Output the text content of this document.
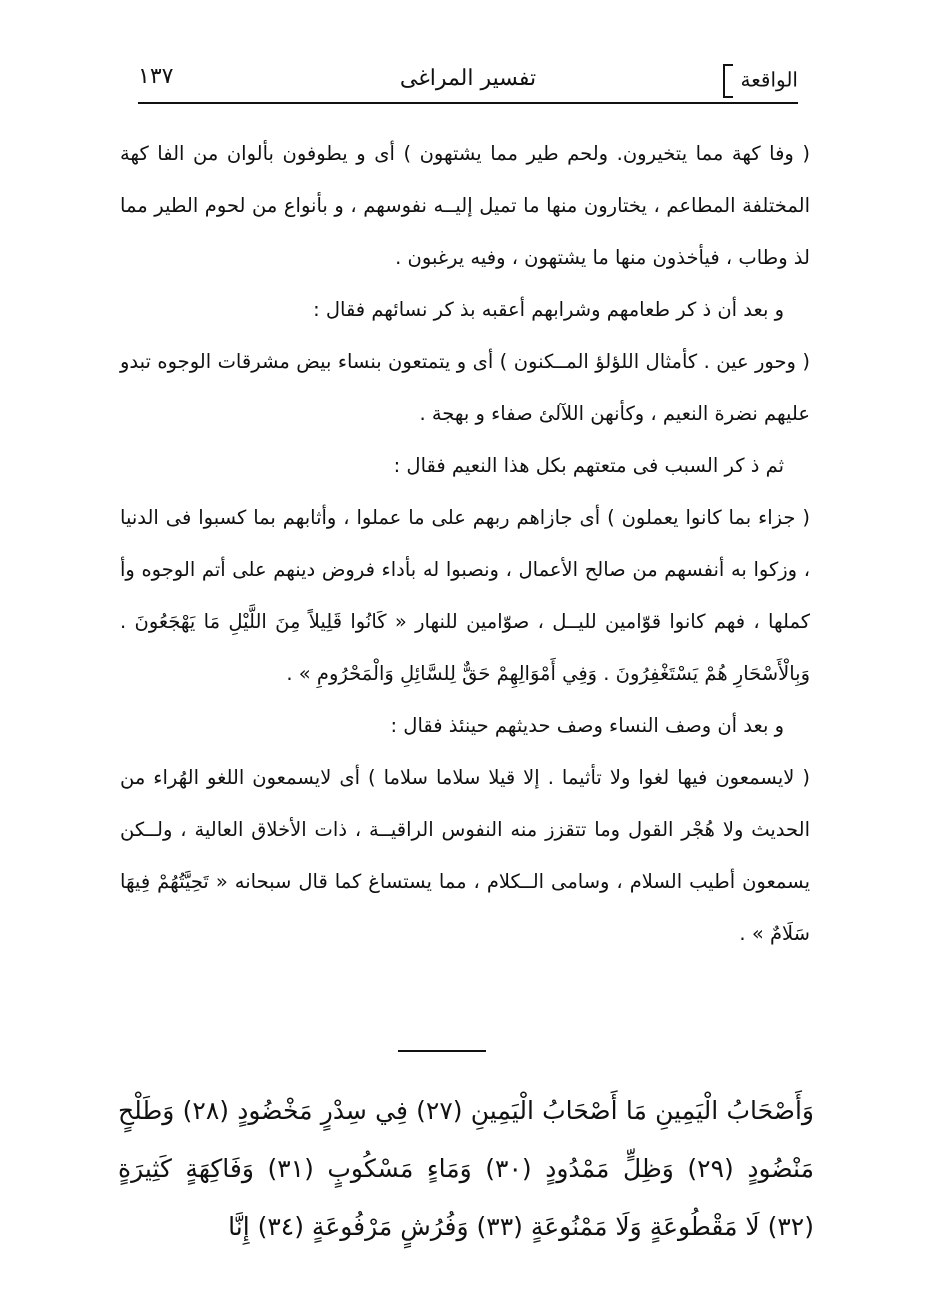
الواقعة
تفسير المراغى
١٣٧

( وفا كهة مما يتخيرون. ولحم طير مما يشتهون ) أى و يطوفون بألوان من الفا كهة المختلفة المطاعم ، يختارون منها ما تميل إليــه نفوسهم ، و بأنواع من لحوم الطير مما لذ وطاب ، فيأخذون منها ما يشتهون ، وفيه يرغبون .

و بعد أن ذ كر طعامهم وشرابهم أعقبه بذ كر نسائهم فقال :

( وحور عين . كأمثال اللؤلؤ المــكنون ) أى و يتمتعون بنساء بيض مشرقات الوجوه تبدو عليهم نضرة النعيم ، وكأنهن اللآلئ صفاء و بهجة .

ثم ذ كر السبب فى متعتهم بكل هذا النعيم فقال :

( جزاء بما كانوا يعملون ) أى جازاهم ربهم على ما عملوا ، وأثابهم بما كسبوا فى الدنيا ، وزكوا به أنفسهم من صالح الأعمال ، ونصبوا له بأداء فروض دينهم على أتم الوجوه وأ كملها ، فهم كانوا قوّامين لليــل ، صوّامين للنهار « كَانُوا قَلِيلاً مِنَ اللَّيْلِ مَا يَهْجَعُونَ . وَبِالْأَسْحَارِ هُمْ يَسْتَغْفِرُونَ . وَفِي أَمْوَالِهِمْ حَقٌّ لِلسَّائِلِ وَالْمَحْرُومِ » .

و بعد أن وصف النساء وصف حديثهم حينئذ فقال :

( لايسمعون فيها لغوا ولا تأثيما . إلا قيلا سلاما سلاما ) أى لايسمعون اللغو الهُراء من الحديث ولا هُجْر القول وما تتقزز منه النفوس الراقيــة ، ذات الأخلاق العالية ، ولــكن يسمعون أطيب السلام ، وسامى الــكلام ، مما يستساغ كما قال سبحانه « تَحِيَّتُهُمْ فِيهَا سَلَامٌ » .

وَأَصْحَابُ الْيَمِينِ مَا أَصْحَابُ الْيَمِينِ (٢٧) فِي سِدْرٍ مَخْضُودٍ (٢٨) وَطَلْحٍ مَنْضُودٍ (٢٩) وَظِلٍّ مَمْدُودٍ (٣٠) وَمَاءٍ مَسْكُوبٍ (٣١) وَفَاكِهَةٍ كَثِيرَةٍ (٣٢) لَا مَقْطُوعَةٍ وَلَا مَمْنُوعَةٍ (٣٣) وَفُرُشٍ مَرْفُوعَةٍ (٣٤) إِنَّا
